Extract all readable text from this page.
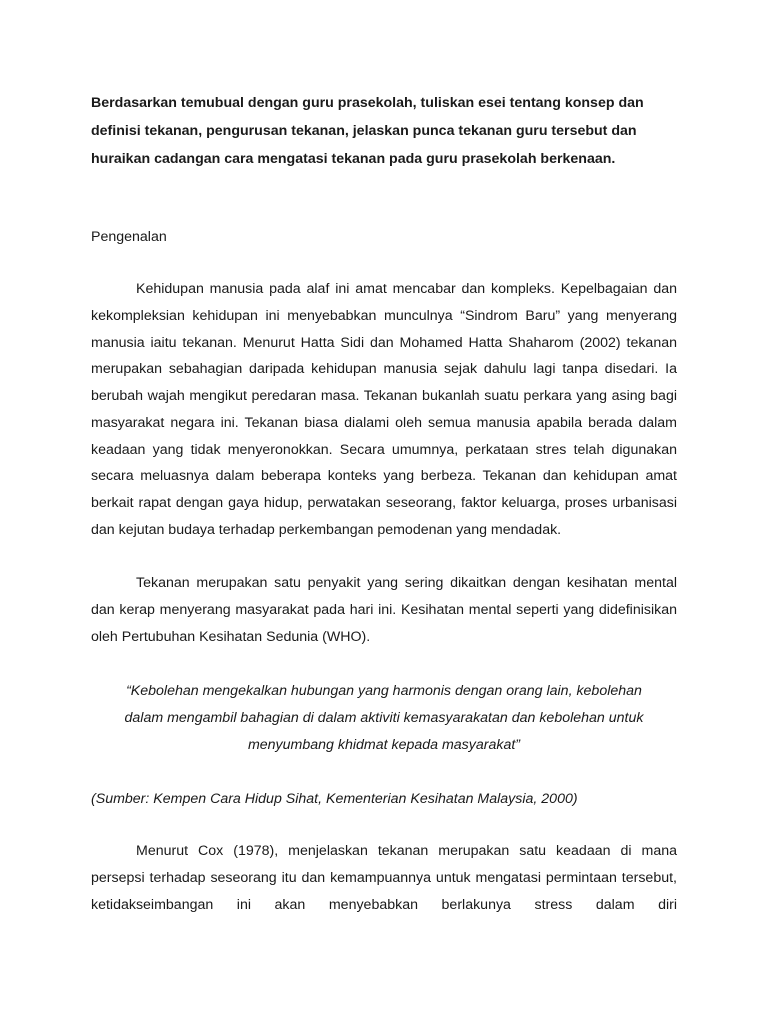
Berdasarkan temubual dengan guru prasekolah, tuliskan esei tentang konsep dan
definisi tekanan, pengurusan tekanan, jelaskan punca tekanan guru tersebut dan
huraikan cadangan cara mengatasi tekanan pada guru prasekolah berkenaan.
Pengenalan

Kehidupan manusia pada alaf ini amat mencabar dan kompleks. Kepelbagaian dan kekompleksian kehidupan ini menyebabkan munculnya “Sindrom Baru” yang menyerang manusia iaitu tekanan. Menurut Hatta Sidi dan Mohamed Hatta Shaharom (2002) tekanan merupakan sebahagian daripada kehidupan manusia sejak dahulu lagi tanpa disedari. Ia berubah wajah mengikut peredaran masa. Tekanan bukanlah suatu perkara yang asing bagi masyarakat negara ini. Tekanan biasa dialami oleh semua manusia apabila berada dalam keadaan yang tidak menyeronokkan. Secara umumnya, perkataan stres telah digunakan secara meluasnya dalam beberapa konteks yang berbeza. Tekanan dan kehidupan amat berkait rapat dengan gaya hidup, perwatakan seseorang, faktor keluarga, proses urbanisasi dan kejutan budaya terhadap perkembangan pemodenan yang mendadak.

Tekanan merupakan satu penyakit yang sering dikaitkan dengan kesihatan mental dan kerap menyerang masyarakat pada hari ini. Kesihatan mental seperti yang didefinisikan oleh Pertubuhan Kesihatan Sedunia (WHO).

“Kebolehan mengekalkan hubungan yang harmonis dengan orang lain, kebolehan
dalam mengambil bahagian di dalam aktiviti kemasyarakatan dan kebolehan untuk
menyumbang khidmat kepada masyarakat”
(Sumber: Kempen Cara Hidup Sihat, Kementerian Kesihatan Malaysia, 2000)

Menurut Cox (1978), menjelaskan tekanan merupakan satu keadaan di mana persepsi terhadap seseorang itu dan kemampuannya untuk mengatasi permintaan tersebut, ketidakseimbangan ini akan menyebabkan berlakunya stress dalam diri
